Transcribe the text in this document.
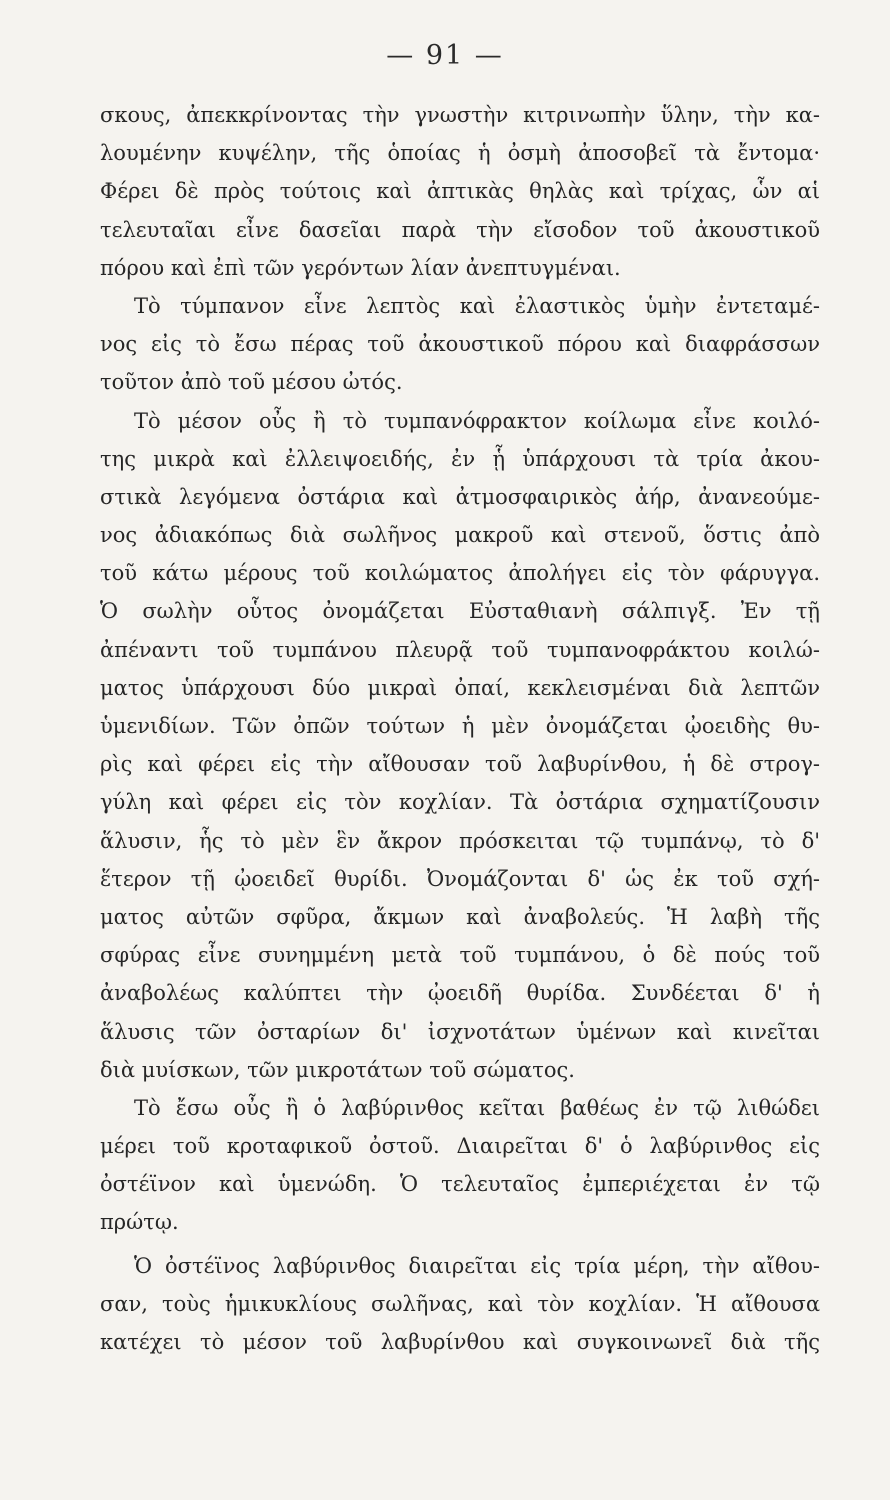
— 91 —
σκους, ἀπεκκρίνοντας τὴν γνωστὴν κιτρινωπὴν ὕλην, τὴν κα-
λουμένην κυψέλην, τῆς ὁποίας ἡ ὀσμὴ ἀποσοβεῖ τὰ ἔντομα·
Φέρει δὲ πρὸς τούτοις καὶ ἀπτικὰς θηλὰς καὶ τρίχας, ὧν αἱ
τελευταῖαι εἶνε δασεῖαι παρὰ τὴν εἴσοδον τοῦ ἀκουστικοῦ
πόρου καὶ ἐπὶ τῶν γερόντων λίαν ἀνεπτυγμέναι.
Τὸ τύμπανον εἶνε λεπτὸς καὶ ἐλαστικὸς ὑμὴν ἐντεταμέ-
νος εἰς τὸ ἔσω πέρας τοῦ ἀκουστικοῦ πόρου καὶ διαφράσσων
τοῦτον ἀπὸ τοῦ μέσου ὠτός.
Τὸ μέσον οὖς ἢ τὸ τυμπανόφρακτον κοίλωμα εἶνε κοιλό-
της μικρὰ καὶ ἐλλειψοειδής, ἐν ᾗ ὑπάρχουσι τὰ τρία ἀκου-
στικὰ λεγόμενα ὀστάρια καὶ ἀτμοσφαιρικὸς ἀήρ, ἀνανεούμε-
νος ἀδιακόπως διὰ σωλῆνος μακροῦ καὶ στενοῦ, ὅστις ἀπὸ
τοῦ κάτω μέρους τοῦ κοιλώματος ἀπολήγει εἰς τὸν φάρυγγα.
Ὁ σωλὴν οὗτος ὀνομάζεται Εὐσταθιανὴ σάλπιγξ. Ἐν τῇ
ἀπέναντι τοῦ τυμπάνου πλευρᾷ τοῦ τυμπανοφράκτου κοιλώ-
ματος ὑπάρχουσι δύο μικραὶ ὀπαί, κεκλεισμέναι διὰ λεπτῶν
ὑμενιδίων. Τῶν ὀπῶν τούτων ἡ μὲν ὀνομάζεται ᾠοειδὴς θυ-
ρὶς καὶ φέρει εἰς τὴν αἴθουσαν τοῦ λαβυρίνθου, ἡ δὲ στρογ-
γύλη καὶ φέρει εἰς τὸν κοχλίαν. Τὰ ὀστάρια σχηματίζουσιν
ἅλυσιν, ἧς τὸ μὲν ἓν ἄκρον πρόσκειται τῷ τυμπάνῳ, τὸ δ'
ἕτερον τῇ ᾠοειδεῖ θυρίδι. Ὀνομάζονται δ' ὡς ἐκ τοῦ σχή-
ματος αὐτῶν σφῦρα, ἄκμων καὶ ἀναβολεύς. Ἡ λαβὴ τῆς
σφύρας εἶνε συνημμένη μετὰ τοῦ τυμπάνου, ὁ δὲ πούς τοῦ
ἀναβολέως καλύπτει τὴν ᾠοειδῆ θυρίδα. Συνδέεται δ' ἡ
ἅλυσις τῶν ὀσταρίων δι' ἰσχνοτάτων ὑμένων καὶ κινεῖται
διὰ μυίσκων, τῶν μικροτάτων τοῦ σώματος.
Τὸ ἔσω οὖς ἢ ὁ λαβύρινθος κεῖται βαθέως ἐν τῷ λιθώδει
μέρει τοῦ κροταφικοῦ ὀστοῦ. Διαιρεῖται δ' ὁ λαβύρινθος εἰς
ὀστέϊνον καὶ ὑμενώδη. Ὁ τελευταῖος ἐμπεριέχεται ἐν τῷ
πρώτῳ.
Ὁ ὀστέϊνος λαβύρινθος διαιρεῖται εἰς τρία μέρη, τὴν αἴθου-
σαν, τοὺς ἡμικυκλίους σωλῆνας, καὶ τὸν κοχλίαν. Ἡ αἴθουσα
κατέχει τὸ μέσον τοῦ λαβυρίνθου καὶ συγκοινωνεῖ διὰ τῆς
